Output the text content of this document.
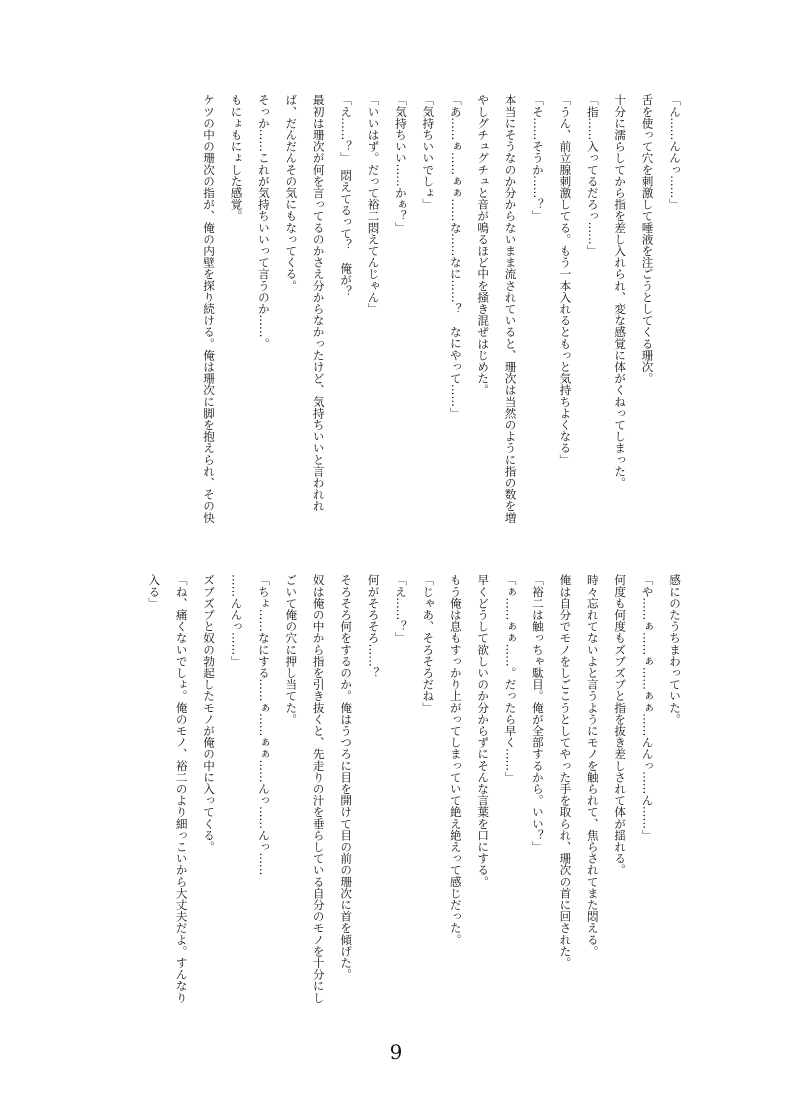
「ん……んんっ……」

舌を使って穴を刺激して唾液を注ごうとしてくる珊次。

十分に濡らしてから指を差し入れられ、変な感覚に体がくねってしまった。

「指……入ってるだろっ……」

「うん、前立腺刺激してる。もう一本入れるともっと気持ちよくなる」

「そ……そうか……？」

本当にそうなのか分からないまま流されていると、珊次は当然のように指の数を増やしグチュグチュと音が鳴るほど中を掻き混ぜはじめた。

「あ……ぁ……ぁぁ……な……なに……？　なにやって……」

「気持ちいいでしょ」

「気持ちいい……かぁ？」

「いいはず。だって裕二悶えてんじゃん」

「え……？」　悶えてるって？　俺が？

最初は珊次が何を言ってるのかさえ分からなかったけど、気持ちいいと言われれば、だんだんその気にもなってくる。

そっか……これが気持ちいいって言うのか……。

もにょもにょした感覚。

ケツの中の珊次の指が、俺の内壁を探り続ける。俺は珊次に脚を抱えられ、その快

感にのたうちまわっていた。

「や……ぁ……ぁ……ぁぁ……んんっ……ん……」

何度も何度もズブズブと指を抜き差しされて体が揺れる。

時々忘れてないよと言うようにモノを触られて、焦らされてまた悶える。

俺は自分でモノをしごこうとしてやった手を取られ、珊次の首に回された。

「裕二は触っちゃ駄目。俺が全部するから。いい？」

「ぁ……ぁぁ……。だったら早く……」

早くどうして欲しいのか分からずにそんな言葉を口にする。

もう俺は息もすっかり上がってしまっていて絶え絶えって感じだった。

「じゃあ、そろそろだね」

「え……？」

何がそろそろ……？

そろそろ何をするのか。俺はうつろに目を開けて目の前の珊次に首を傾げた。

奴は俺の中から指を引き抜くと、先走りの汁を垂らしている自分のモノを十分にしごいて俺の穴に押し当てた。

「ちょ……なにする……ぁ……ぁぁ……んっ……んっ……

……んんっ……」

ズブズブと奴の勃起したモノが俺の中に入ってくる。

「ね、痛くないでしょ。俺のモノ、裕二のより細っこいから大丈夫だよ。すんなり入る」

9
